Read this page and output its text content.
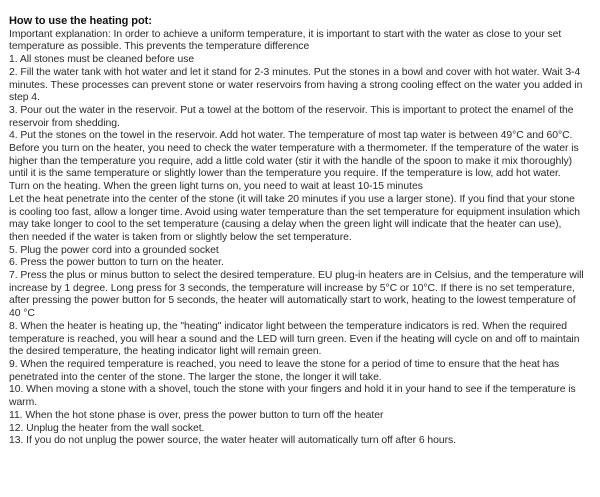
How to use the heating pot:

Important explanation: In order to achieve a uniform temperature, it is important to start with the water as close to your set temperature as possible. This prevents the temperature difference

1. All stones must be cleaned before use

2. Fill the water tank with hot water and let it stand for 2-3 minutes. Put the stones in a bowl and cover with hot water. Wait 3-4 minutes. These processes can prevent stone or water reservoirs from having a strong cooling effect on the water you added in step 4.

3. Pour out the water in the reservoir. Put a towel at the bottom of the reservoir. This is important to protect the enamel of the reservoir from shedding.

4. Put the stones on the towel in the reservoir. Add hot water. The temperature of most tap water is between 49°C and 60°C. Before you turn on the heater, you need to check the water temperature with a thermometer. If the temperature of the water is higher than the temperature you require, add a little cold water (stir it with the handle of the spoon to make it mix thoroughly) until it is the same temperature or slightly lower than the temperature you require. If the temperature is low, add hot water. Turn on the heating. When the green light turns on, you need to wait at least 10-15 minutes

Let the heat penetrate into the center of the stone (it will take 20 minutes if you use a larger stone). If you find that your stone is cooling too fast, allow a longer time. Avoid using water temperature than the set temperature for equipment insulation which may take longer to cool to the set temperature (causing a delay when the green light will indicate that the heater can use), then needed if the water is taken from or slightly below the set temperature.

5. Plug the power cord into a grounded socket

6. Press the power button to turn on the heater.

7. Press the plus or minus button to select the desired temperature. EU plug-in heaters are in Celsius, and the temperature will increase by 1 degree. Long press for 3 seconds, the temperature will increase by 5°C or 10°C. If there is no set temperature, after pressing the power button for 5 seconds, the heater will automatically start to work, heating to the lowest temperature of 40 °C

8. When the heater is heating up, the "heating" indicator light between the temperature indicators is red. When the required temperature is reached, you will hear a sound and the LED will turn green. Even if the heating will cycle on and off to maintain the desired temperature, the heating indicator light will remain green.

9. When the required temperature is reached, you need to leave the stone for a period of time to ensure that the heat has penetrated into the center of the stone. The larger the stone, the longer it will take.

10. When moving a stone with a shovel, touch the stone with your fingers and hold it in your hand to see if the temperature is warm.

11. When the hot stone phase is over, press the power button to turn off the heater

12. Unplug the heater from the wall socket.

13. If you do not unplug the power source, the water heater will automatically turn off after 6 hours.
